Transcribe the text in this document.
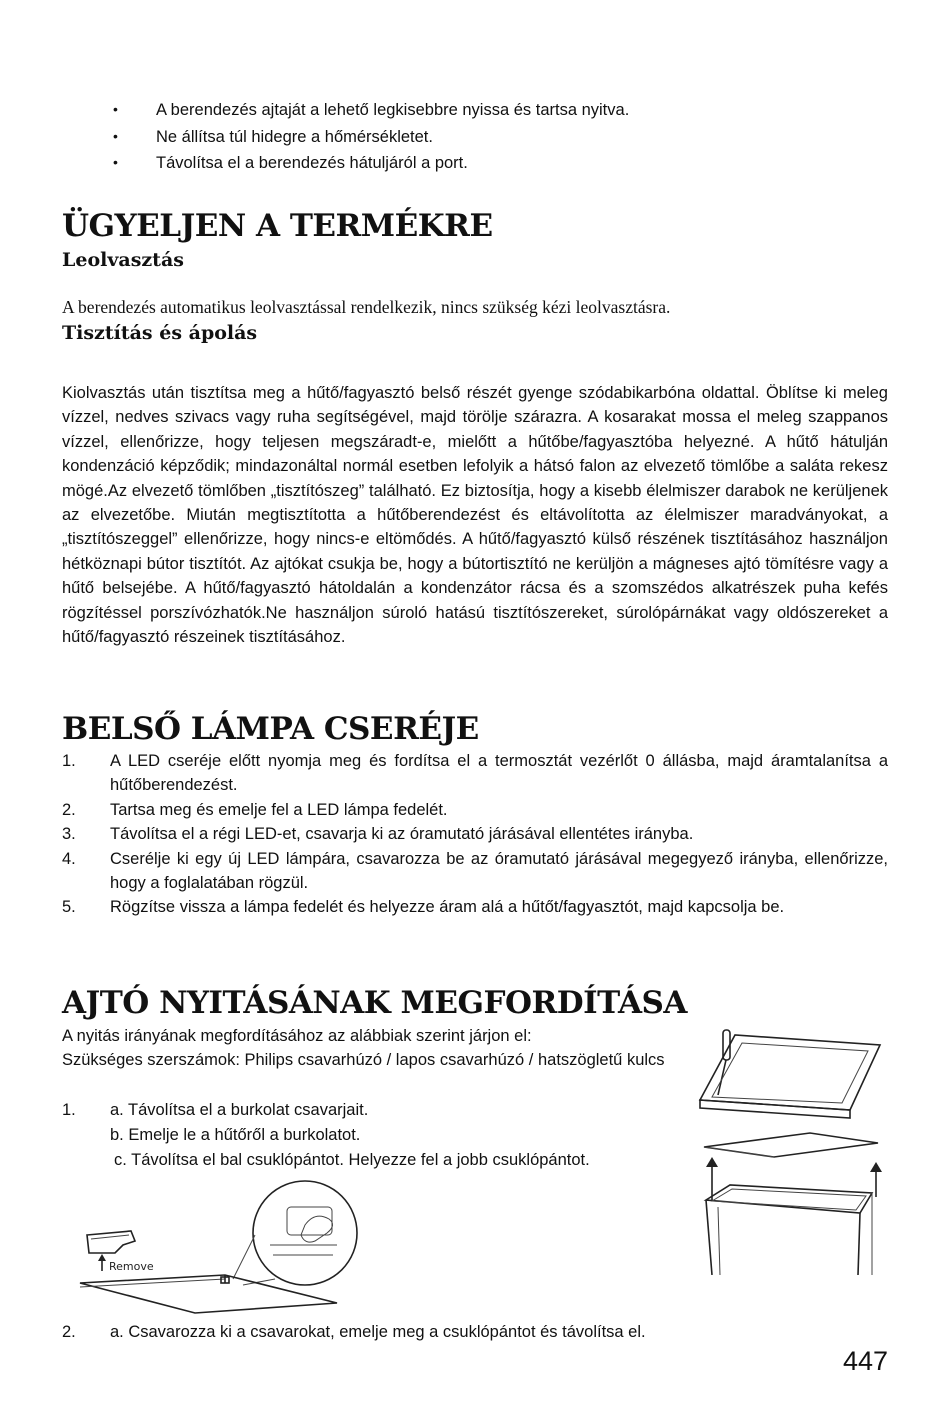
• A berendezés ajtaját a lehető legkisebbre nyissa és tartsa nyitva.
• Ne állítsa túl hidegre a hőmérsékletet.
• Távolítsa el a berendezés hátuljáról a port.
ÜGYELJEN A TERMÉKRE
Leolvasztás
A berendezés automatikus leolvasztással rendelkezik, nincs szükség kézi leolvasztásra.
Tisztítás és ápolás
Kiolvasztás után tisztítsa meg a hűtő/fagyasztó belső részét gyenge szódabikarbóna oldattal. Öblítse ki meleg vízzel, nedves szivacs vagy ruha segítségével, majd törölje szárazra. A kosarakat mossa el meleg szappanos vízzel, ellenőrizze, hogy teljesen megszáradt-e, mielőtt a hűtőbe/fagyasztóba helyezné. A hűtő hátulján kondenzáció képződik; mindazonáltal normál esetben lefolyik a hátsó falon az elvezető tömlőbe a saláta rekesz mögé.Az elvezető tömlőben „tisztítószeg” található. Ez biztosítja, hogy a kisebb élelmiszer darabok ne kerüljenek az elvezetőbe. Miután megtisztította a hűtőberendezést és eltávolította az élelmiszer maradványokat, a „tisztítószeggel” ellenőrizze, hogy nincs-e eltömődés. A hűtő/fagyasztó külső részének tisztításához használjon hétköznapi bútor tisztítót. Az ajtókat csukja be, hogy a bútortisztító ne kerüljön a mágneses ajtó tömítésre vagy a hűtő belsejébe. A hűtő/fagyasztó hátoldalán a kondenzátor rácsa és a szomszédos alkatrészek puha kefés rögzítéssel porszívózhatók.Ne használjon súroló hatású tisztítószereket, súrolópárnákat vagy oldószereket a hűtő/fagyasztó részeinek tisztításához.
BELSŐ LÁMPA CSERÉJE
1. A LED cseréje előtt nyomja meg és fordítsa el a termosztát vezérlőt 0 állásba, majd áramtalanítsa a hűtőberendezést.
2. Tartsa meg és emelje fel a LED lámpa fedelét.
3. Távolítsa el a régi LED-et, csavarja ki az óramutató járásával ellentétes irányba.
4. Cserélje ki egy új LED lámpára, csavarozza be az óramutató járásával megegyező irányba, ellenőrizze, hogy a foglalatában rögzül.
5. Rögzítse vissza a lámpa fedelét és helyezze áram alá a hűtőt/fagyasztót, majd kapcsolja be.
AJTÓ NYITÁSÁNAK MEGFORDÍTÁSA
A nyitás irányának megfordításához az alábbiak szerint járjon el:
Szükséges szerszámok: Philips csavarhúzó / lapos csavarhúzó / hatszögletű kulcs
1. a. Távolítsa el a burkolat csavarjait.
b. Emelje le a hűtőről a burkolatot.
c. Távolítsa el bal csuklópántot. Helyezze fel a jobb csuklópántot.
Remove
2. a. Csavarozza ki a csavarokat, emelje meg a csuklópántot és távolítsa el.
447
